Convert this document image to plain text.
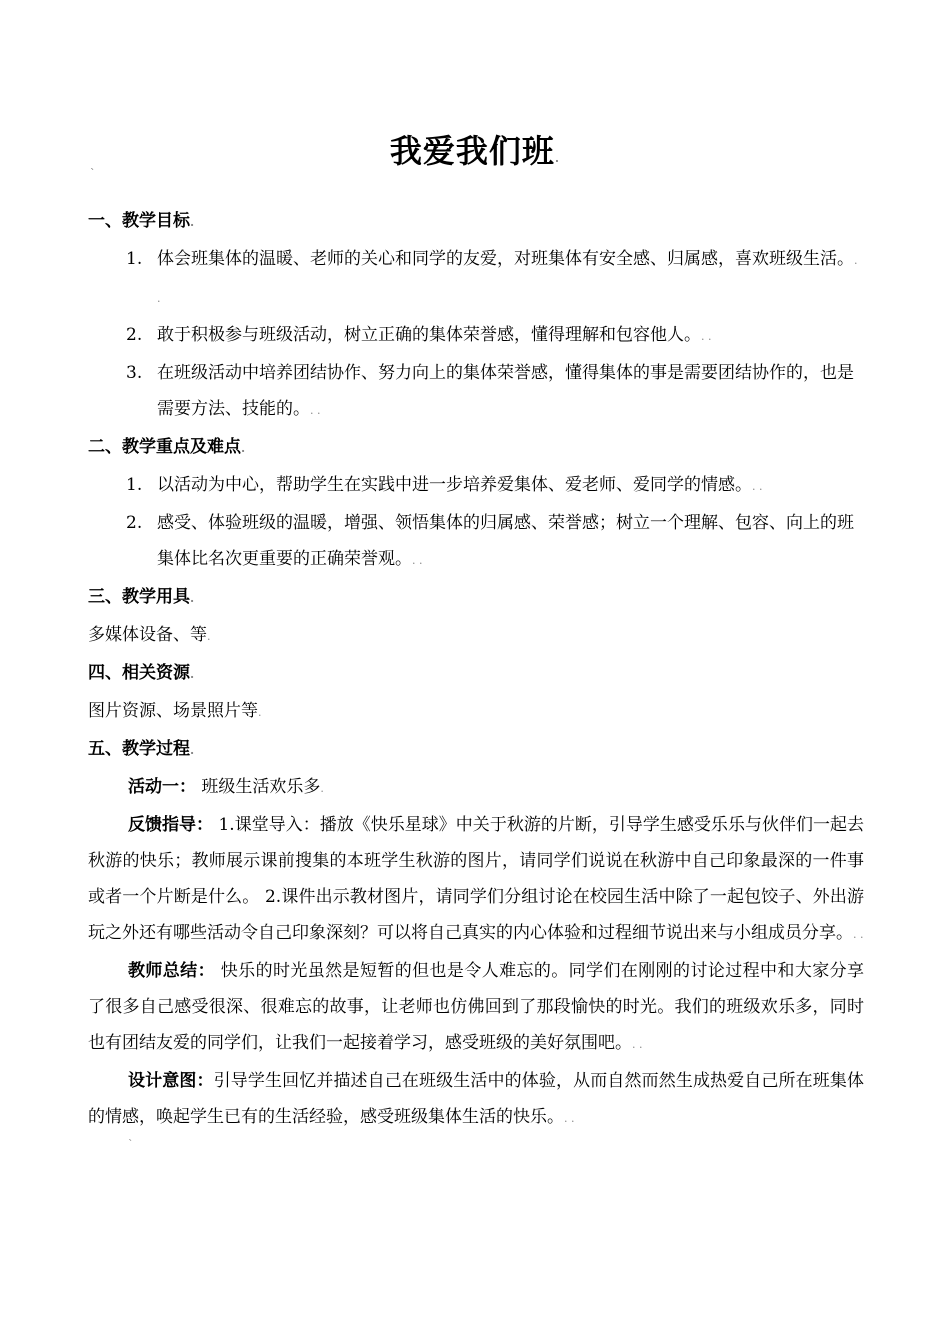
我爱我们班.
ˋ

一、教学目标.

1. 体会班集体的温暖、老师的关心和同学的友爱，对班集体有安全感、归属感，喜欢班级生活。. .
2. 敢于积极参与班级活动，树立正确的集体荣誉感，懂得理解和包容他人。. .
3. 在班级活动中培养团结协作、努力向上的集体荣誉感，懂得集体的事是需要团结协作的，也是需要方法、技能的。. .

二、教学重点及难点.

1. 以活动为中心，帮助学生在实践中进一步培养爱集体、爱老师、爱同学的情感。. .
2. 感受、体验班级的温暖，增强、领悟集体的归属感、荣誉感；树立一个理解、包容、向上的班集体比名次更重要的正确荣誉观。. .

三、教学用具.

多媒体设备、等.

四、相关资源.

图片资源、场景照片等.

五、教学过程.

活动一： 班级生活欢乐多.

反馈指导： 1.课堂导入：播放《快乐星球》中关于秋游的片断，引导学生感受乐乐与伙伴们一起去秋游的快乐；教师展示课前搜集的本班学生秋游的图片，请同学们说说在秋游中自己印象最深的一件事或者一个片断是什么。 2.课件出示教材图片，请同学们分组讨论在校园生活中除了一起包饺子、外出游玩之外还有哪些活动令自己印象深刻？可以将自己真实的内心体验和过程细节说出来与小组成员分享。. .

教师总结： 快乐的时光虽然是短暂的但也是令人难忘的。同学们在刚刚的讨论过程中和大家分享了很多自己感受很深、很难忘的故事，让老师也仿佛回到了那段愉快的时光。我们的班级欢乐多，同时也有团结友爱的同学们，让我们一起接着学习，感受班级的美好氛围吧。. .

设计意图：引导学生回忆并描述自己在班级生活中的体验，从而自然而然生成热爱自己所在班集体的情感，唤起学生已有的生活经验，感受班级集体生活的快乐。. .

ˋ
